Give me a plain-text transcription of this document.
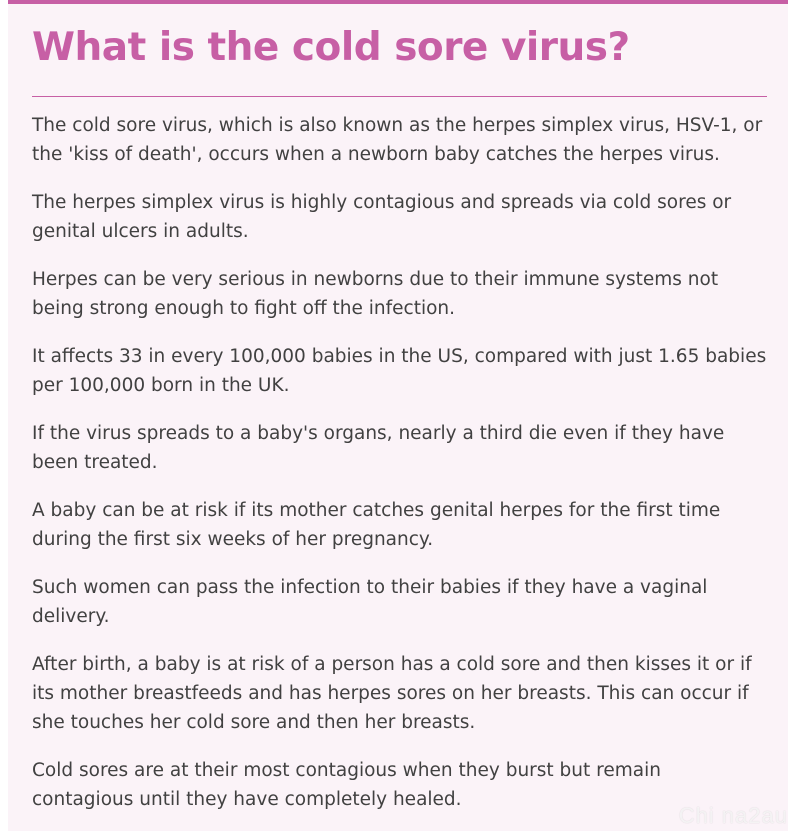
What is the cold sore virus?

The cold sore virus, which is also known as the herpes simplex virus, HSV-1, or the 'kiss of death', occurs when a newborn baby catches the herpes virus.

The herpes simplex virus is highly contagious and spreads via cold sores or genital ulcers in adults.

Herpes can be very serious in newborns due to their immune systems not being strong enough to fight off the infection.

It affects 33 in every 100,000 babies in the US, compared with just 1.65 babies per 100,000 born in the UK.

If the virus spreads to a baby's organs, nearly a third die even if they have been treated.

A baby can be at risk if its mother catches genital herpes for the first time during the first six weeks of her pregnancy.

Such women can pass the infection to their babies if they have a vaginal delivery.

After birth, a baby is at risk of a person has a cold sore and then kisses it or if its mother breastfeeds and has herpes sores on her breasts. This can occur if she touches her cold sore and then her breasts.

Cold sores are at their most contagious when they burst but remain contagious until they have completely healed.

Chi na2au
